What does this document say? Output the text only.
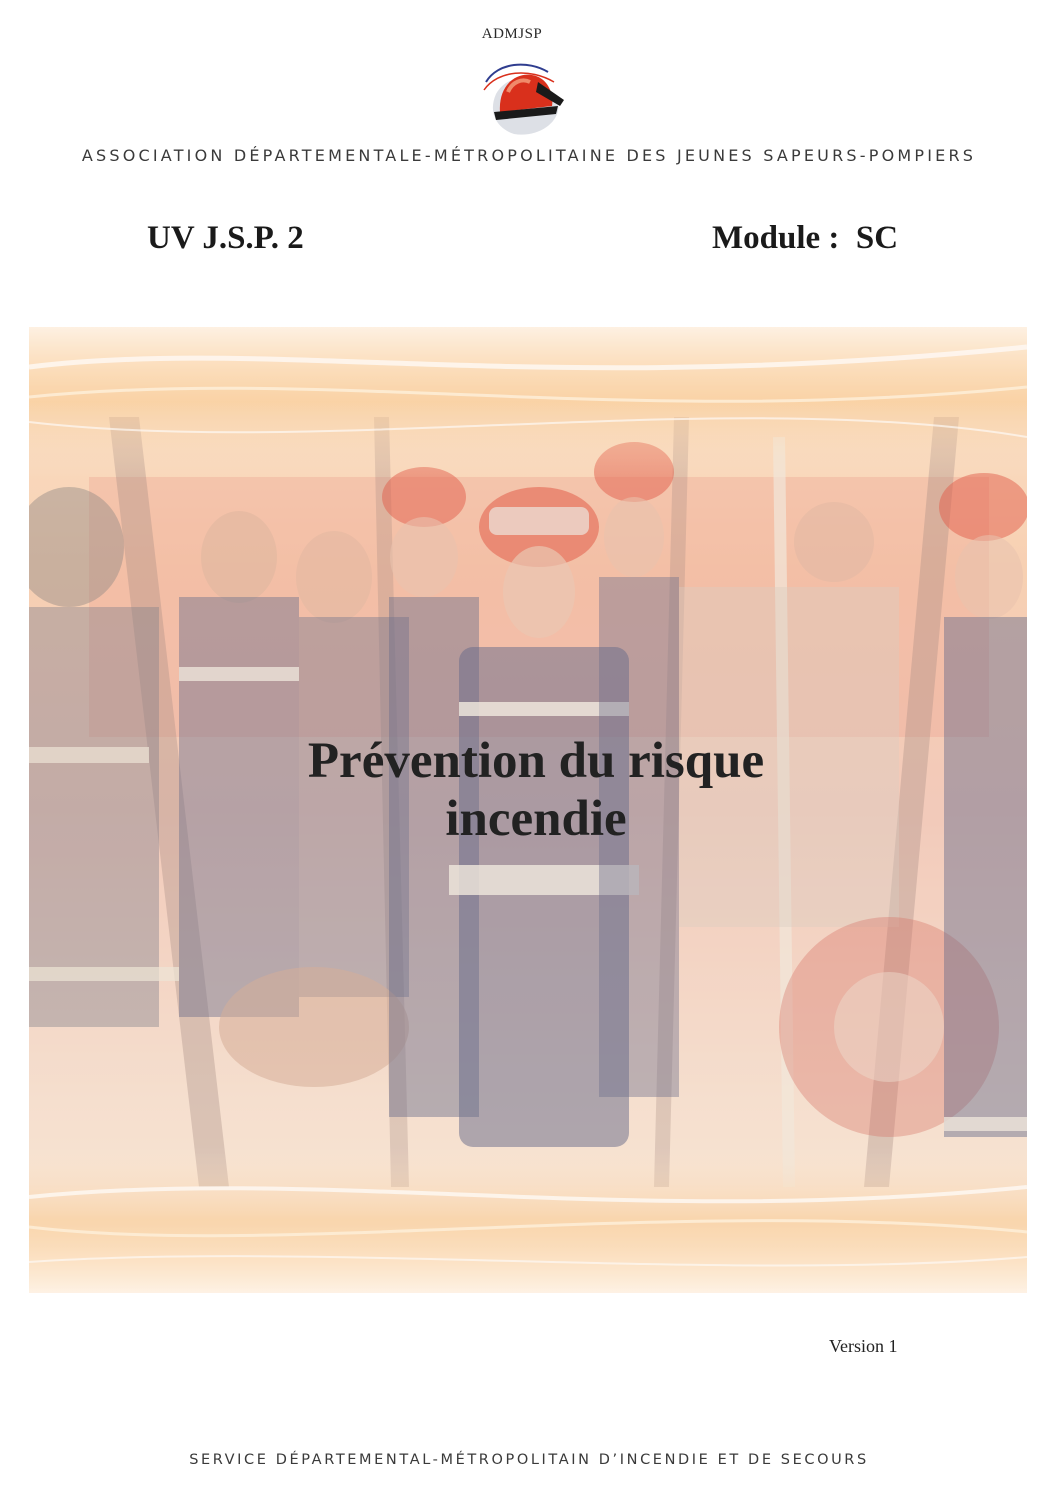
ADMJSP
ASSOCIATION DÉPARTEMENTALE-MÉTROPOLITAINE DES JEUNES SAPEURS-POMPIERS
UV J.S.P. 2	Module :  SC
Prévention du risque
incendie
Version 1
SERVICE DÉPARTEMENTAL-MÉTROPOLITAIN D’INCENDIE ET DE SECOURS
